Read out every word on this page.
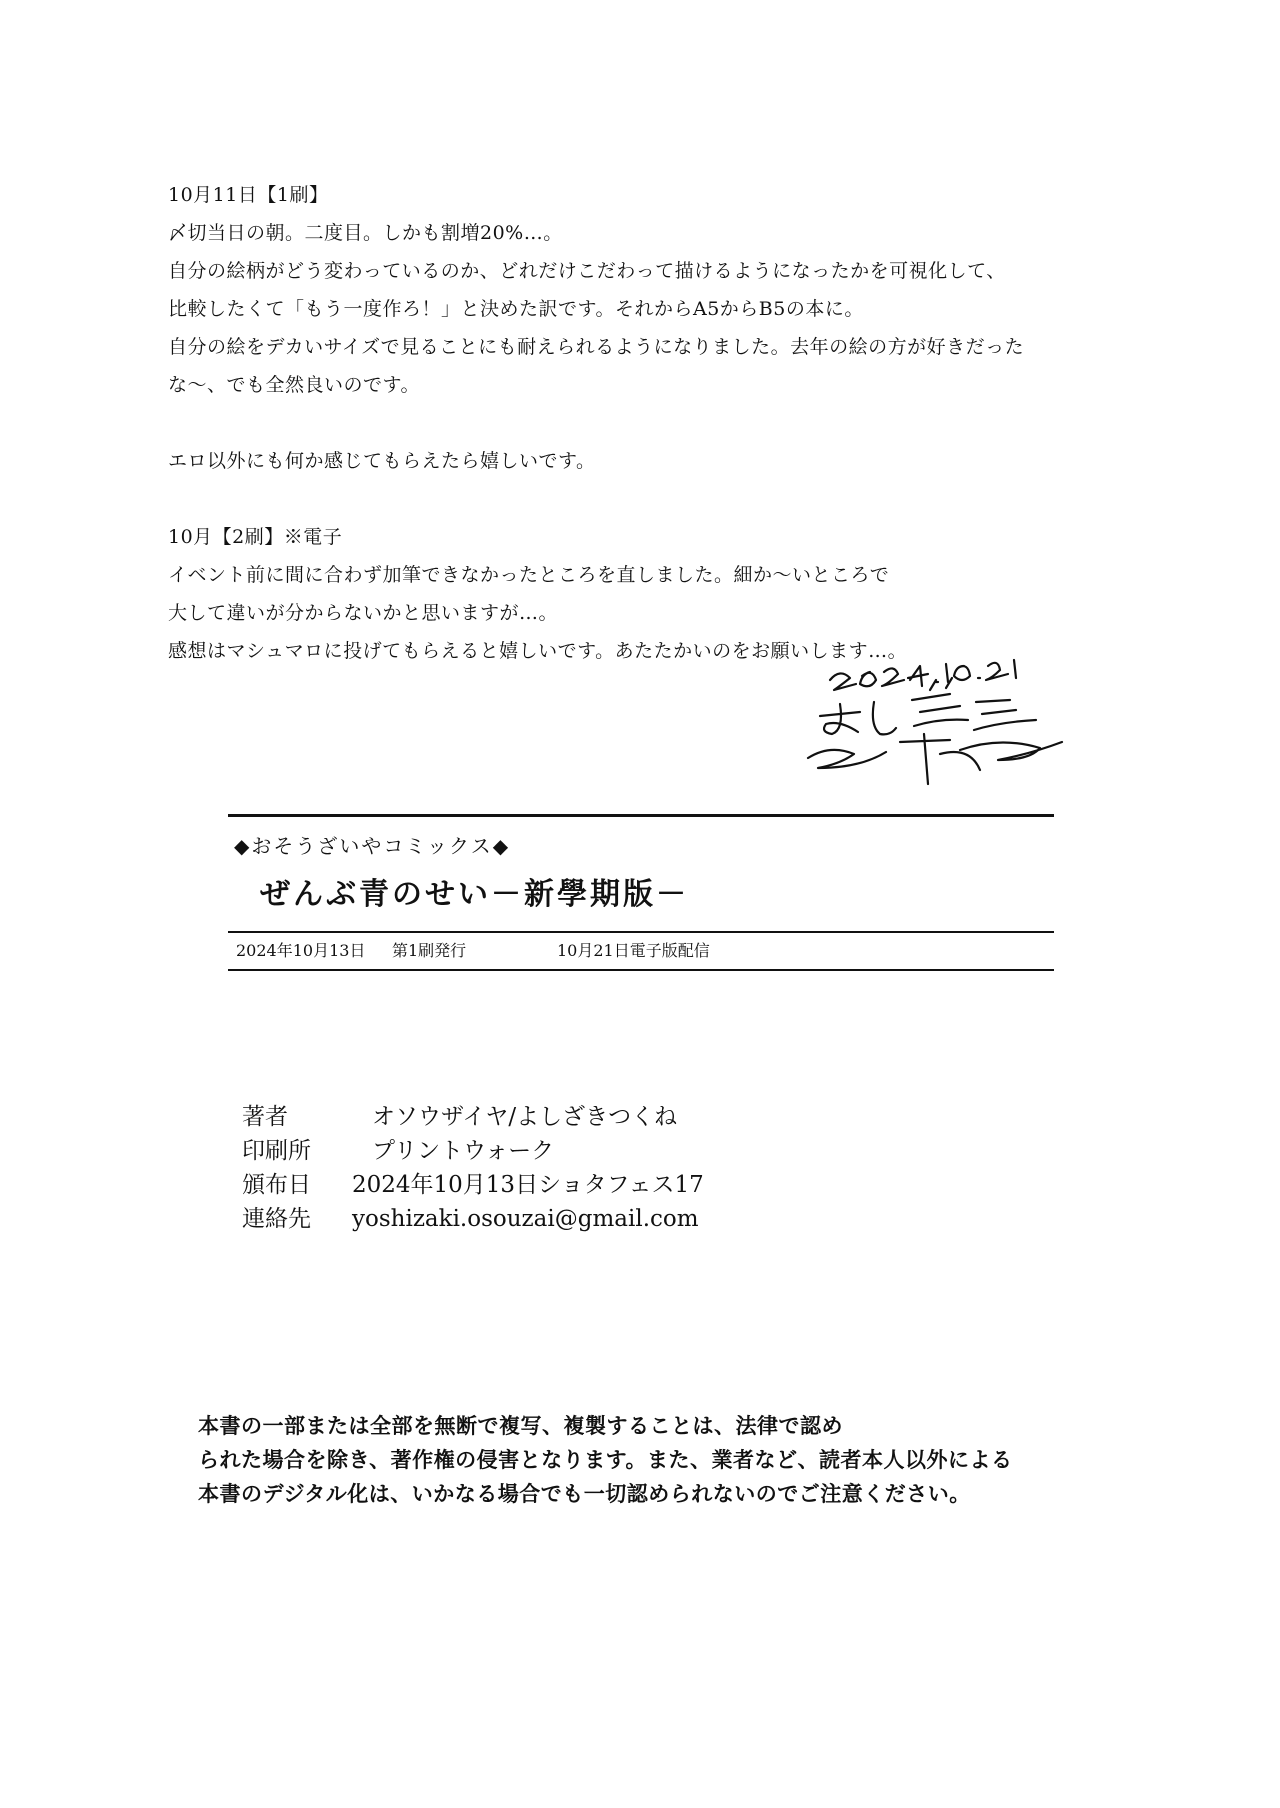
10月11日【1刷】

〆切当日の朝。二度目。しかも割増20%…。

自分の絵柄がどう変わっているのか、どれだけこだわって描けるようになったかを可視化して、

比較したくて「もう一度作ろ！」と決めた訳です。それからA5からB5の本に。

自分の絵をデカいサイズで見ることにも耐えられるようになりました。去年の絵の方が好きだった

な〜、でも全然良いのです。

エロ以外にも何か感じてもらえたら嬉しいです。

10月【2刷】※電子

イベント前に間に合わず加筆できなかったところを直しました。細か〜いところで

大して違いが分からないかと思いますが…。

感想はマシュマロに投げてもらえると嬉しいです。あたたかいのをお願いします…。

◆おそうざいやコミックス◆
ぜんぶ青のせい－新學期版－
2024年10月13日	第1刷発行	10月21日電子版配信
著者	オソウザイヤ/よしざきつくね
印刷所	プリントウォーク
頒布日	2024年10月13日ショタフェス17
連絡先	yoshizaki.osouzai@gmail.com

本書の一部または全部を無断で複写、複製することは、法律で認め

られた場合を除き、著作権の侵害となります。また、業者など、読者本人以外による

本書のデジタル化は、いかなる場合でも一切認められないのでご注意ください。
